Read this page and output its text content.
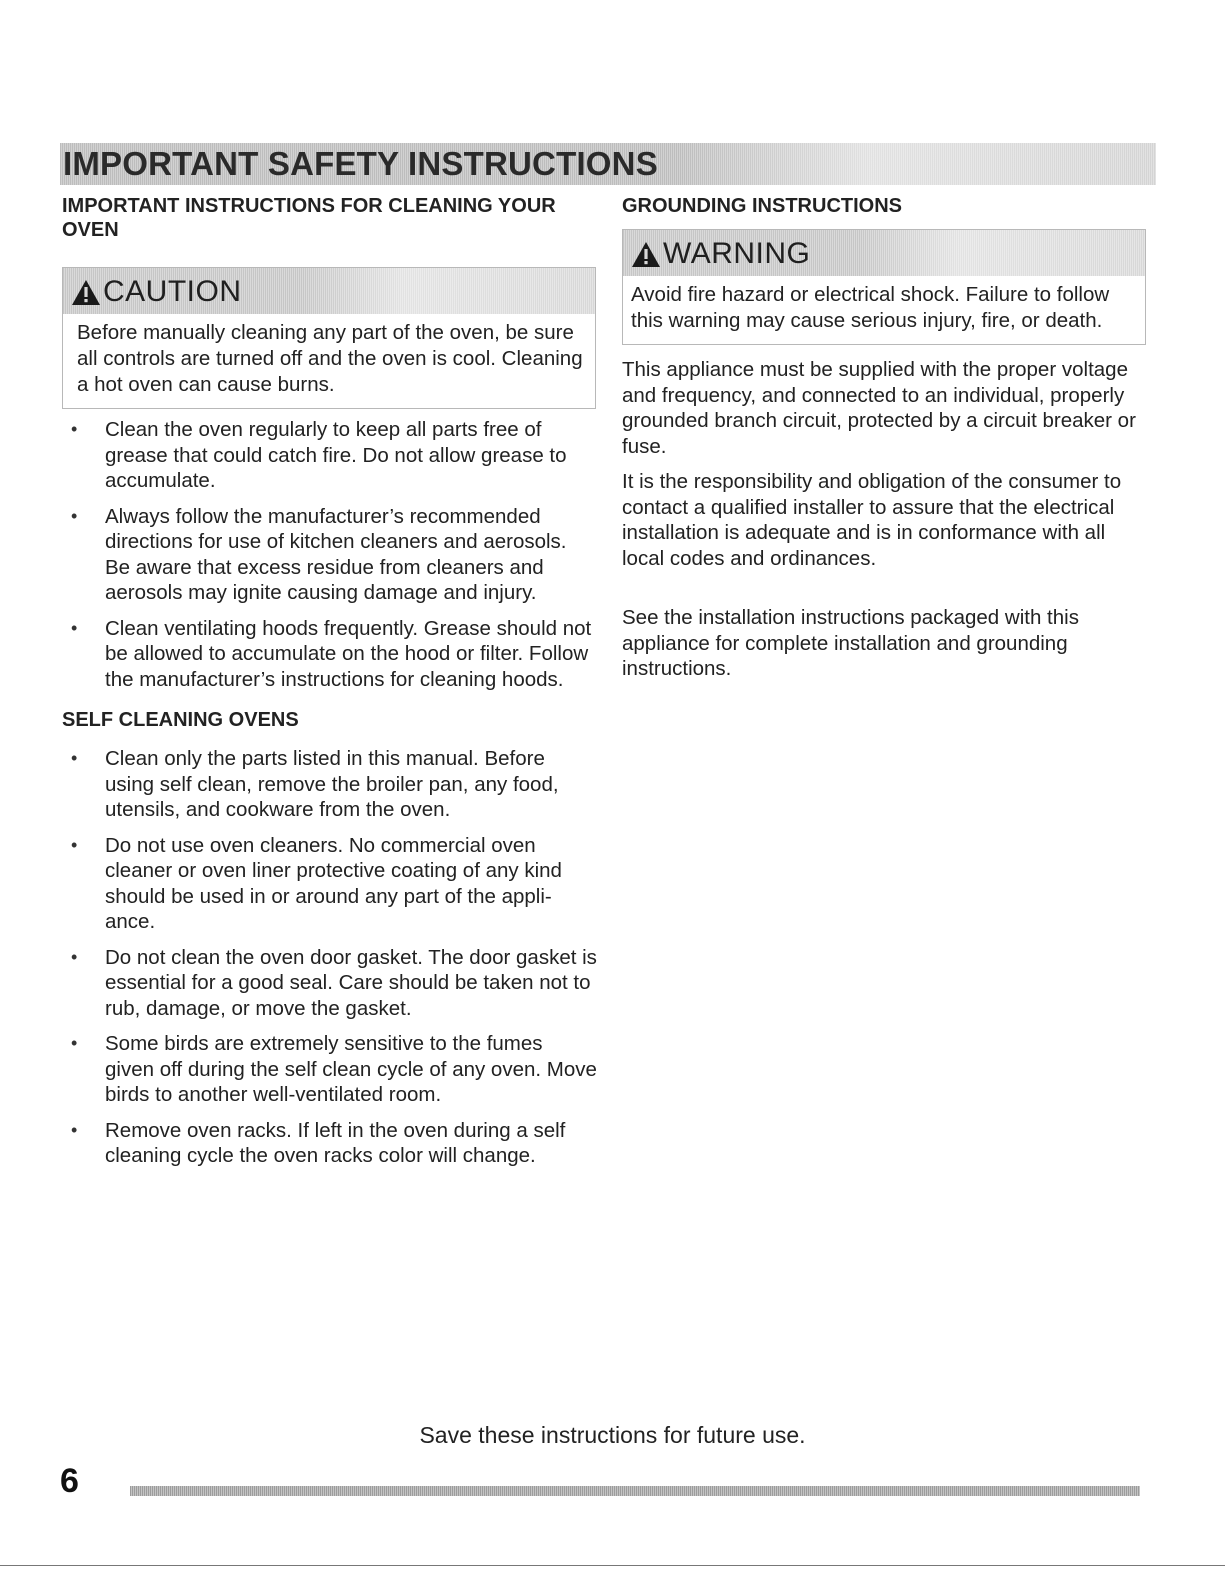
IMPORTANT SAFETY INSTRUCTIONS
IMPORTANT INSTRUCTIONS FOR CLEANING YOUR OVEN
CAUTION
Before manually cleaning any part of the oven, be sure all controls are turned off and the oven is cool. Cleaning a hot oven can cause burns.
• Clean the oven regularly to keep all parts free of grease that could catch fire. Do not allow grease to accumulate.
• Always follow the manufacturer’s recommended directions for use of kitchen cleaners and aerosols. Be aware that excess residue from cleaners and aerosols may ignite causing damage and injury.
• Clean ventilating hoods frequently. Grease should not be allowed to accumulate on the hood or filter. Follow the manufacturer’s instructions for cleaning hoods.
SELF CLEANING OVENS
• Clean only the parts listed in this manual. Before using self clean, remove the broiler pan, any food, utensils, and cookware from the oven.
• Do not use oven cleaners. No commercial oven cleaner or oven liner protective coating of any kind should be used in or around any part of the appli-ance.
• Do not clean the oven door gasket. The door gasket is essential for a good seal. Care should be taken not to rub, damage, or move the gasket.
• Some birds are extremely sensitive to the fumes given off during the self clean cycle of any oven. Move birds to another well-ventilated room.
• Remove oven racks. If left in the oven during a self cleaning cycle the oven racks color will change.
GROUNDING INSTRUCTIONS
WARNING
Avoid fire hazard or electrical shock. Failure to follow this warning may cause serious injury, fire, or death.

This appliance must be supplied with the proper voltage and frequency, and connected to an individual, properly grounded branch circuit, protected by a circuit breaker or fuse.

It is the responsibility and obligation of the consumer to contact a qualified installer to assure that the electrical installation is adequate and is in conformance with all local codes and ordinances.

See the installation instructions packaged with this appliance for complete installation and grounding instructions.

Save these instructions for future use.
6
